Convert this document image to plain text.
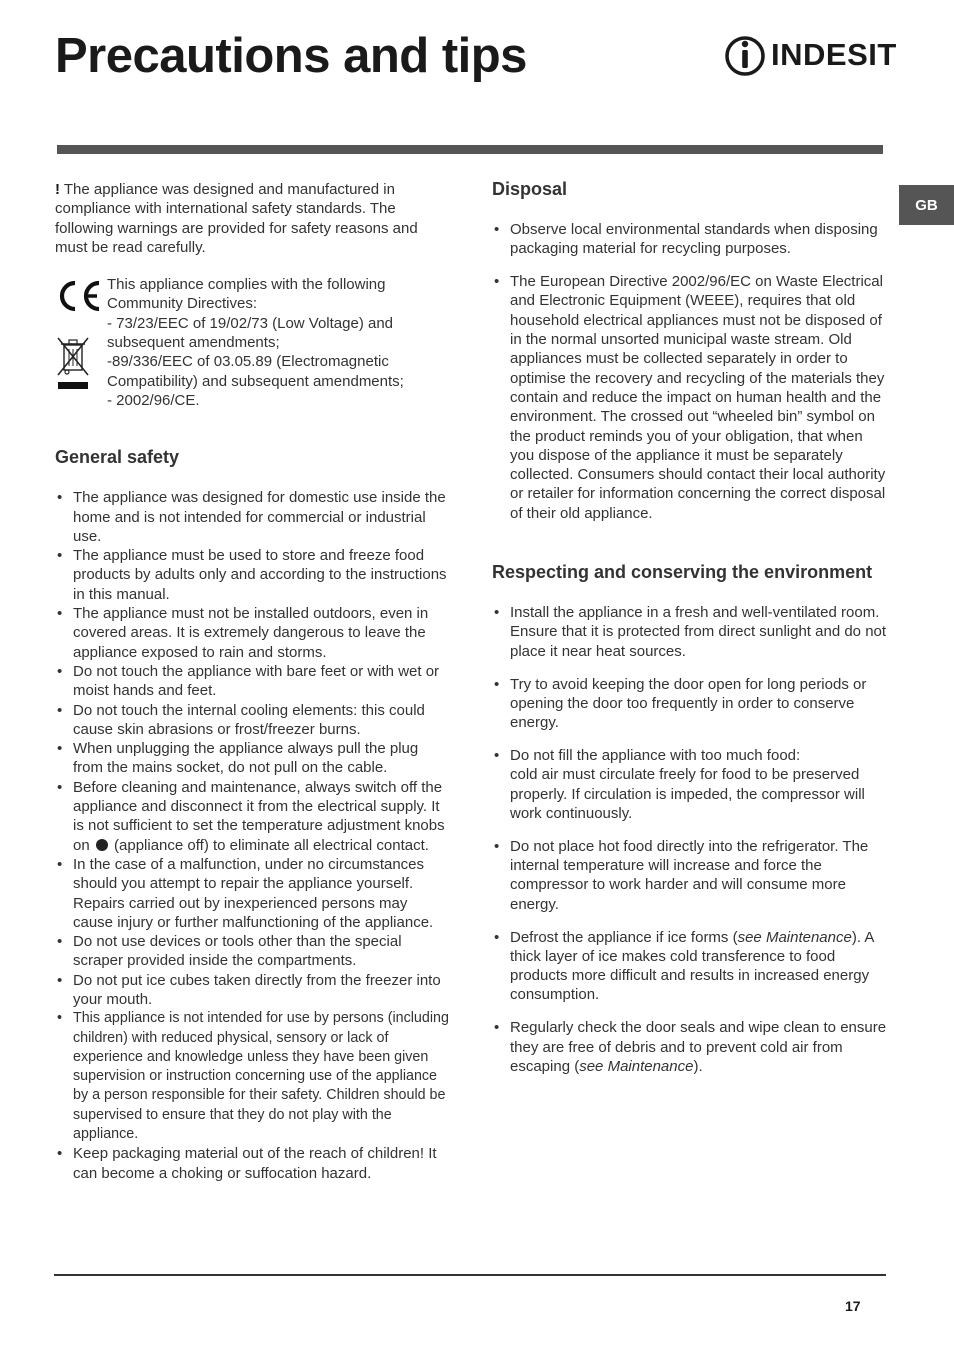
Precautions and tips	INDESIT
GB

! The appliance was designed and manufactured in compliance with international safety standards. The following warnings are provided for safety reasons and must be read carefully.

CE

This appliance complies with the following Community Directives:

- 73/23/EEC of 19/02/73 (Low Voltage) and subsequent amendments;

-89/336/EEC of 03.05.89 (Electromagnetic Compatibility) and subsequent amendments;

- 2002/96/CE.

General safety
• The appliance was designed for domestic use inside the home and is not intended for commercial or industrial use.
• The appliance must be used to store and freeze food products by adults only and according to the instructions in this manual.
• The appliance must not be installed outdoors, even in covered areas. It is extremely dangerous to leave the appliance exposed to rain and storms.
• Do not touch the appliance with bare feet or with wet or moist hands and feet.
• Do not touch the internal cooling elements: this could cause skin abrasions or frost/freezer burns.
• When unplugging the appliance always pull the plug from the mains socket, do not pull on the cable.
• Before cleaning and maintenance, always switch off the appliance and disconnect it from the electrical supply. It is not sufficient to set the temperature adjustment knobs on  (appliance off) to eliminate all electrical contact.
• In the case of a malfunction, under no circumstances should you attempt to repair the appliance yourself. Repairs carried out by inexperienced persons may cause injury or further malfunctioning of the appliance.
• Do not use devices or tools other than the special scraper provided inside the compartments.
• Do not put ice cubes taken directly from the freezer into your mouth.
• This appliance is not intended for use by persons (including children) with reduced physical, sensory or lack of experience and knowledge unless they have been given supervision or instruction concerning use of the appliance by a person responsible for their safety. Children should be supervised to ensure that they do not play with the appliance.
• Keep packaging material out of the reach of children! It can become a choking or suffocation hazard.
Disposal
• Observe local environmental standards when disposing packaging material for recycling purposes.
• The European Directive 2002/96/EC on Waste Electrical and Electronic Equipment (WEEE), requires that old household electrical appliances must not be disposed of in the normal unsorted municipal waste stream. Old appliances must be collected separately in order to optimise the recovery and recycling of the materials they contain and reduce the impact on human health and the environment. The crossed out “wheeled bin” symbol on the product reminds you of your obligation, that when you dispose of the appliance it must be separately collected. Consumers should contact their local authority or retailer for information concerning the correct disposal of their old appliance.
Respecting and conserving the environment
• Install the appliance in a fresh and well-ventilated room. Ensure that it is protected from direct sunlight and do not place it near heat sources.
• Try to avoid keeping the door open for long periods or opening the door too frequently in order to conserve energy.
• Do not fill the appliance with too much food:
cold air must circulate freely for food to be preserved properly. If circulation is impeded, the compressor will work continuously.
• Do not place hot food directly into the refrigerator. The internal temperature will increase and force the compressor to work harder and will consume more energy.
• Defrost the appliance if ice forms (see Maintenance). A thick layer of ice makes cold transference to food products more difficult and results in increased energy consumption.
• Regularly check the door seals and wipe clean to ensure they are free of debris and to prevent cold air from escaping (see Maintenance).
17
